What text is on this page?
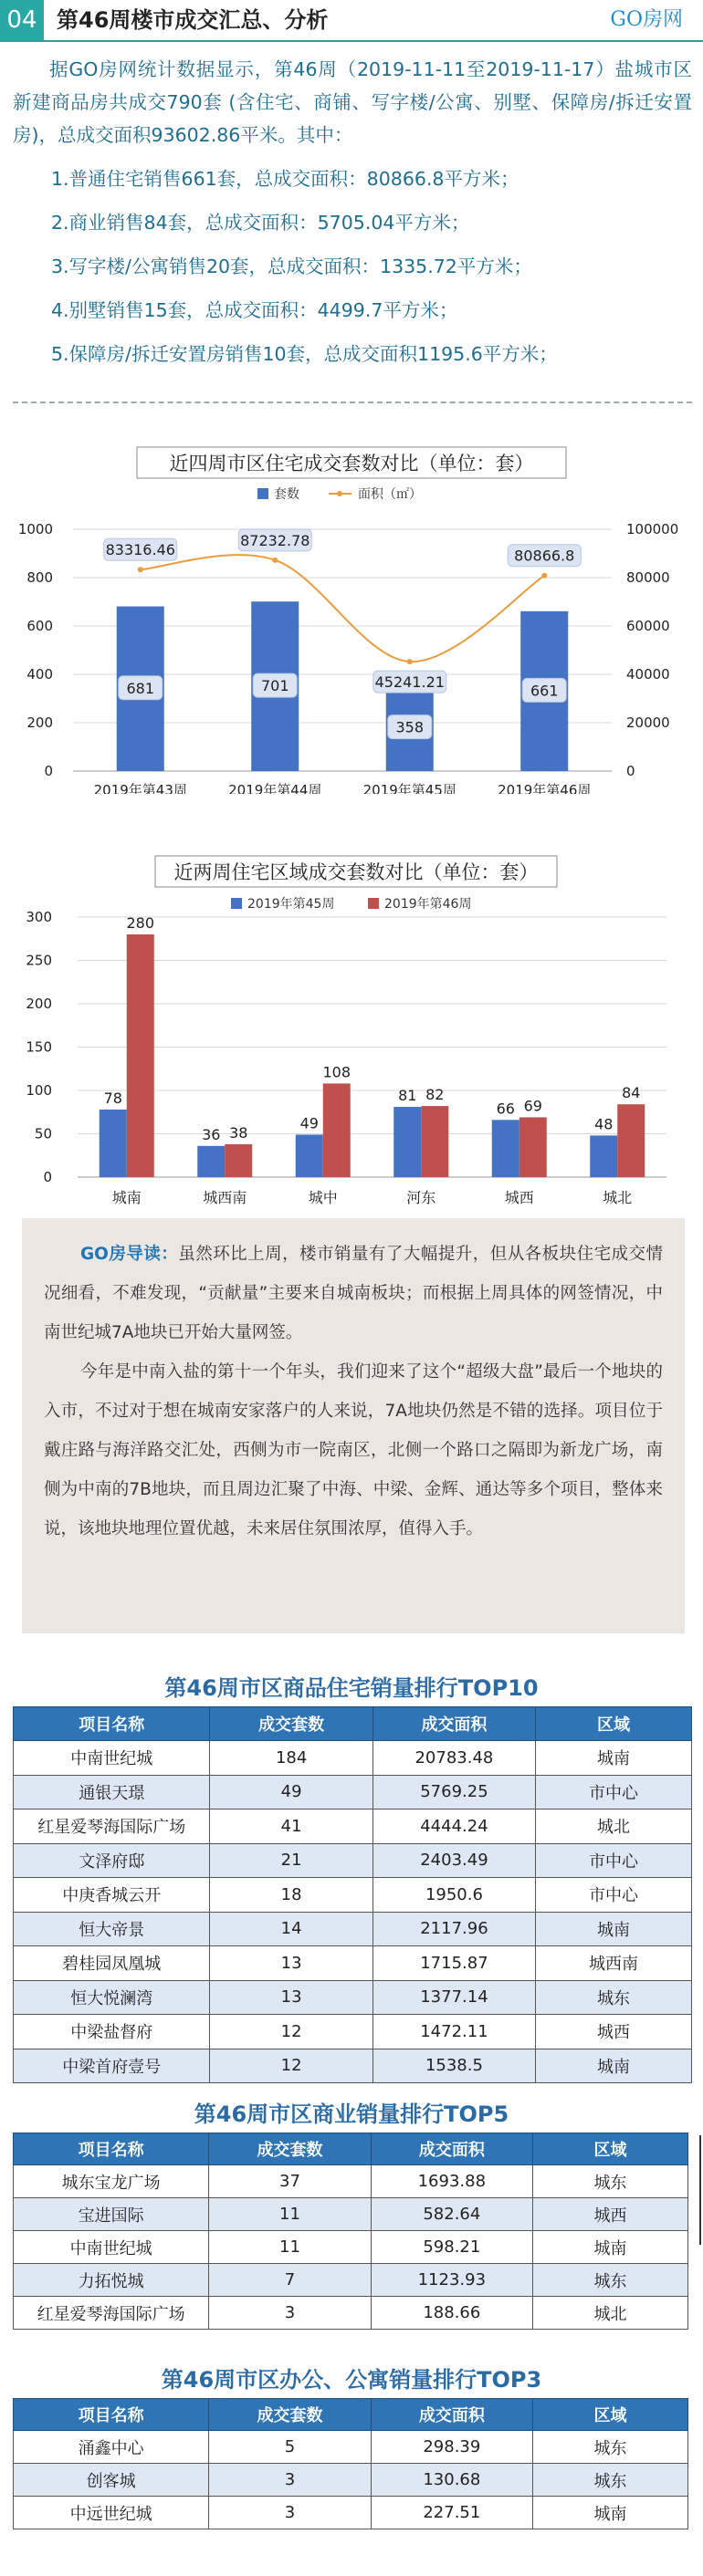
04 第46周楼市成交汇总、分析	GO房网

据GO房网统计数据显示，第46周（2019-11-11至2019-11-17）盐城市区新建商品房共成交790套 (含住宅、商铺、写字楼/公寓、别墅、保障房/拆迁安置房)，总成交面积93602.86平米。其中：

1.普通住宅销售661套，总成交面积：80866.8平方米；
2.商业销售84套，总成交面积：5705.04平方米；
3.写字楼/公寓销售20套，总成交面积：1335.72平方米；
4.别墅销售15套，总成交面积：4499.7平方米；
5.保障房/拆迁安置房销售10套，总成交面积1195.6平方米；
近四周市区住宅成交套数对比（单位：套）
套数	面积（㎡）
0	0
200	20000
400	40000
600	60000
800	80000
1000	100000
681
2019年第43周
701
2019年第44周
358
2019年第45周
661
2019年第46周
83316.46
87232.78
45241.21
80866.8
近两周住宅区域成交套数对比（单位：套）
2019年第45周	2019年第46周
0
50
100
150
200
250
300
78
280
城南
36 38
城西南
49
108
城中
81 82
河东
66 69
城西
48
84
城北

GO房导读：虽然环比上周，楼市销量有了大幅提升，但从各板块住宅成交情况细看，不难发现，“贡献量”主要来自城南板块；而根据上周具体的网签情况，中南世纪城7A地块已开始大量网签。

今年是中南入盐的第十一个年头，我们迎来了这个“超级大盘”最后一个地块的入市，不过对于想在城南安家落户的人来说，7A地块仍然是不错的选择。项目位于戴庄路与海洋路交汇处，西侧为市一院南区，北侧一个路口之隔即为新龙广场，南侧为中南的7B地块，而且周边汇聚了中海、中梁、金辉、通达等多个项目，整体来说，该地块地理位置优越，未来居住氛围浓厚，值得入手。

第46周市区商品住宅销量排行TOP10
项目名称	成交套数	成交面积	区域
中南世纪城	184	20783.48	城南
通银天璟	49	5769.25	市中心
红星爱琴海国际广场	41	4444.24	城北
文泽府邸	21	2403.49	市中心
中庚香城云开	18	1950.6	市中心
恒大帝景	14	2117.96	城南
碧桂园凤凰城	13	1715.87	城西南
恒大悦澜湾	13	1377.14	城东
中梁盐督府	12	1472.11	城西
中梁首府壹号	12	1538.5	城南
第46周市区商业销量排行TOP5
项目名称	成交套数	成交面积	区域
城东宝龙广场	37	1693.88	城东
宝进国际	11	582.64	城西
中南世纪城	11	598.21	城南
力拓悦城	7	1123.93	城东
红星爱琴海国际广场	3	188.66	城北
第46周市区办公、公寓销量排行TOP3
项目名称	成交套数	成交面积	区域
涌鑫中心	5	298.39	城东
创客城	3	130.68	城东
中远世纪城	3	227.51	城南
